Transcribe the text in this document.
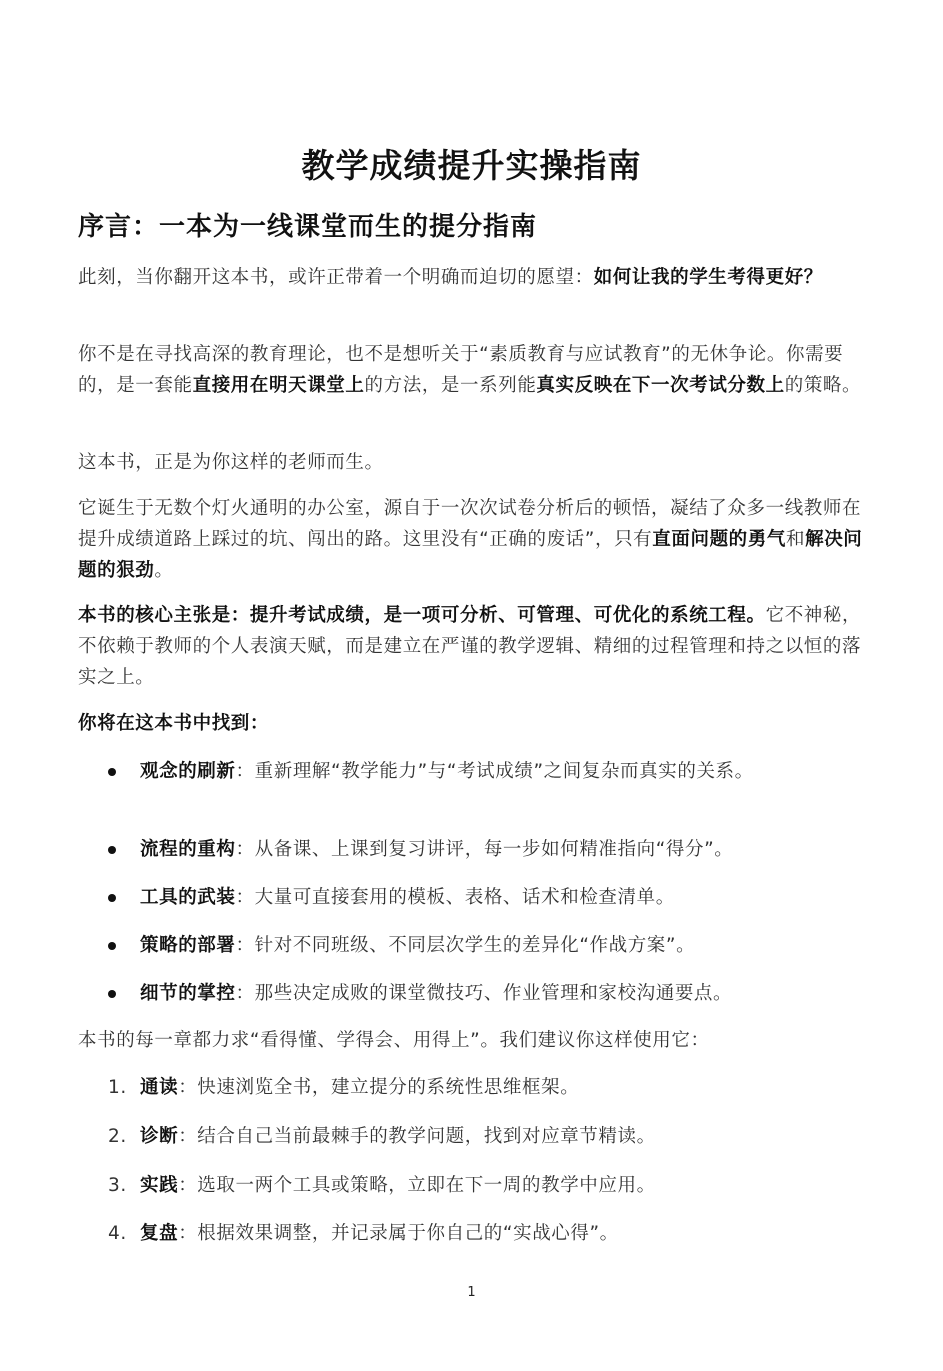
教学成绩提升实操指南
序言：一本为一线课堂而生的提分指南
此刻，当你翻开这本书，或许正带着一个明确而迫切的愿望：如何让我的学生考得更好？
你不是在寻找高深的教育理论，也不是想听关于“素质教育与应试教育”的无休争论。你需要的，是一套能直接用在明天课堂上的方法，是一系列能真实反映在下一次考试分数上的策略。
这本书，正是为你这样的老师而生。
它诞生于无数个灯火通明的办公室，源自于一次次试卷分析后的顿悟，凝结了众多一线教师在提升成绩道路上踩过的坑、闯出的路。这里没有“正确的废话”，只有直面问题的勇气和解决问题的狠劲。
本书的核心主张是：提升考试成绩，是一项可分析、可管理、可优化的系统工程。它不神秘，不依赖于教师的个人表演天赋，而是建立在严谨的教学逻辑、精细的过程管理和持之以恒的落实之上。
你将在这本书中找到：
观念的刷新：重新理解“教学能力”与“考试成绩”之间复杂而真实的关系。
流程的重构：从备课、上课到复习讲评，每一步如何精准指向“得分”。
工具的武装：大量可直接套用的模板、表格、话术和检查清单。
策略的部署：针对不同班级、不同层次学生的差异化“作战方案”。
细节的掌控：那些决定成败的课堂微技巧、作业管理和家校沟通要点。
本书的每一章都力求“看得懂、学得会、用得上”。我们建议你这样使用它：
1. 通读：快速浏览全书，建立提分的系统性思维框架。
2. 诊断：结合自己当前最棘手的教学问题，找到对应章节精读。
3. 实践：选取一两个工具或策略，立即在下一周的教学中应用。
4. 复盘：根据效果调整，并记录属于你自己的“实战心得”。
1
